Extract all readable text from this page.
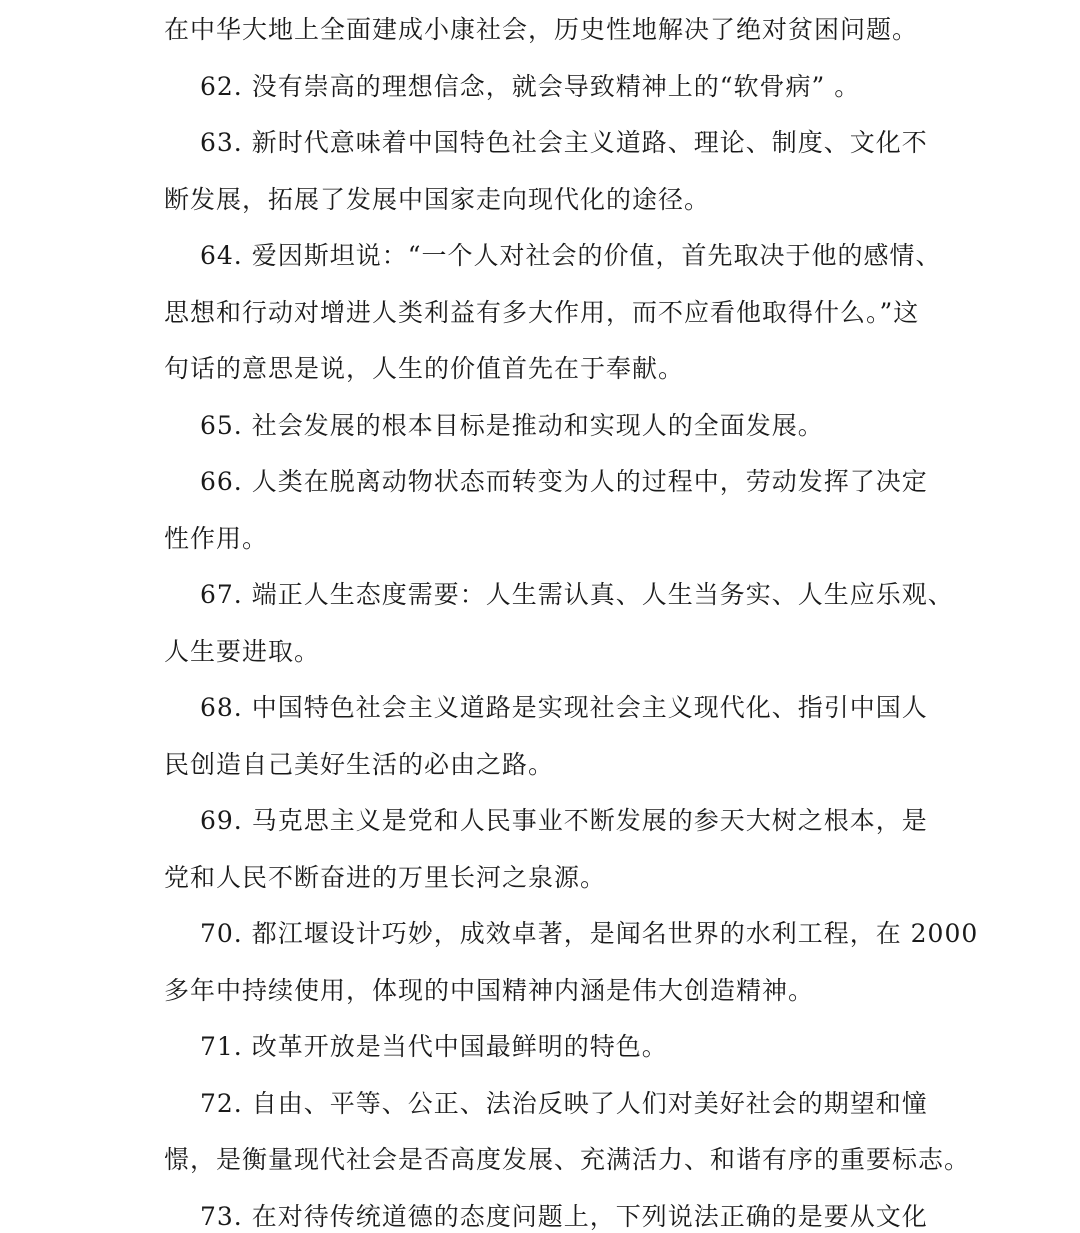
在中华大地上全面建成小康社会，历史性地解决了绝对贫困问题。
62. 没有崇高的理想信念，就会导致精神上的“软骨病” 。
63. 新时代意味着中国特色社会主义道路、理论、制度、文化不
断发展，拓展了发展中国家走向现代化的途径。
64. 爱因斯坦说：“一个人对社会的价值，首先取决于他的感情、
思想和行动对增进人类利益有多大作用，而不应看他取得什么。”这
句话的意思是说，人生的价值首先在于奉献。
65. 社会发展的根本目标是推动和实现人的全面发展。
66. 人类在脱离动物状态而转变为人的过程中，劳动发挥了决定
性作用。
67. 端正人生态度需要：人生需认真、人生当务实、人生应乐观、
人生要进取。
68. 中国特色社会主义道路是实现社会主义现代化、指引中国人
民创造自己美好生活的必由之路。
69. 马克思主义是党和人民事业不断发展的参天大树之根本，是
党和人民不断奋进的万里长河之泉源。
70. 都江堰设计巧妙，成效卓著，是闻名世界的水利工程，在 2000
多年中持续使用，体现的中国精神内涵是伟大创造精神。
71. 改革开放是当代中国最鲜明的特色。
72. 自由、平等、公正、法治反映了人们对美好社会的期望和憧
憬，是衡量现代社会是否高度发展、充满活力、和谐有序的重要标志。
73. 在对待传统道德的态度问题上，下列说法正确的是要从文化
